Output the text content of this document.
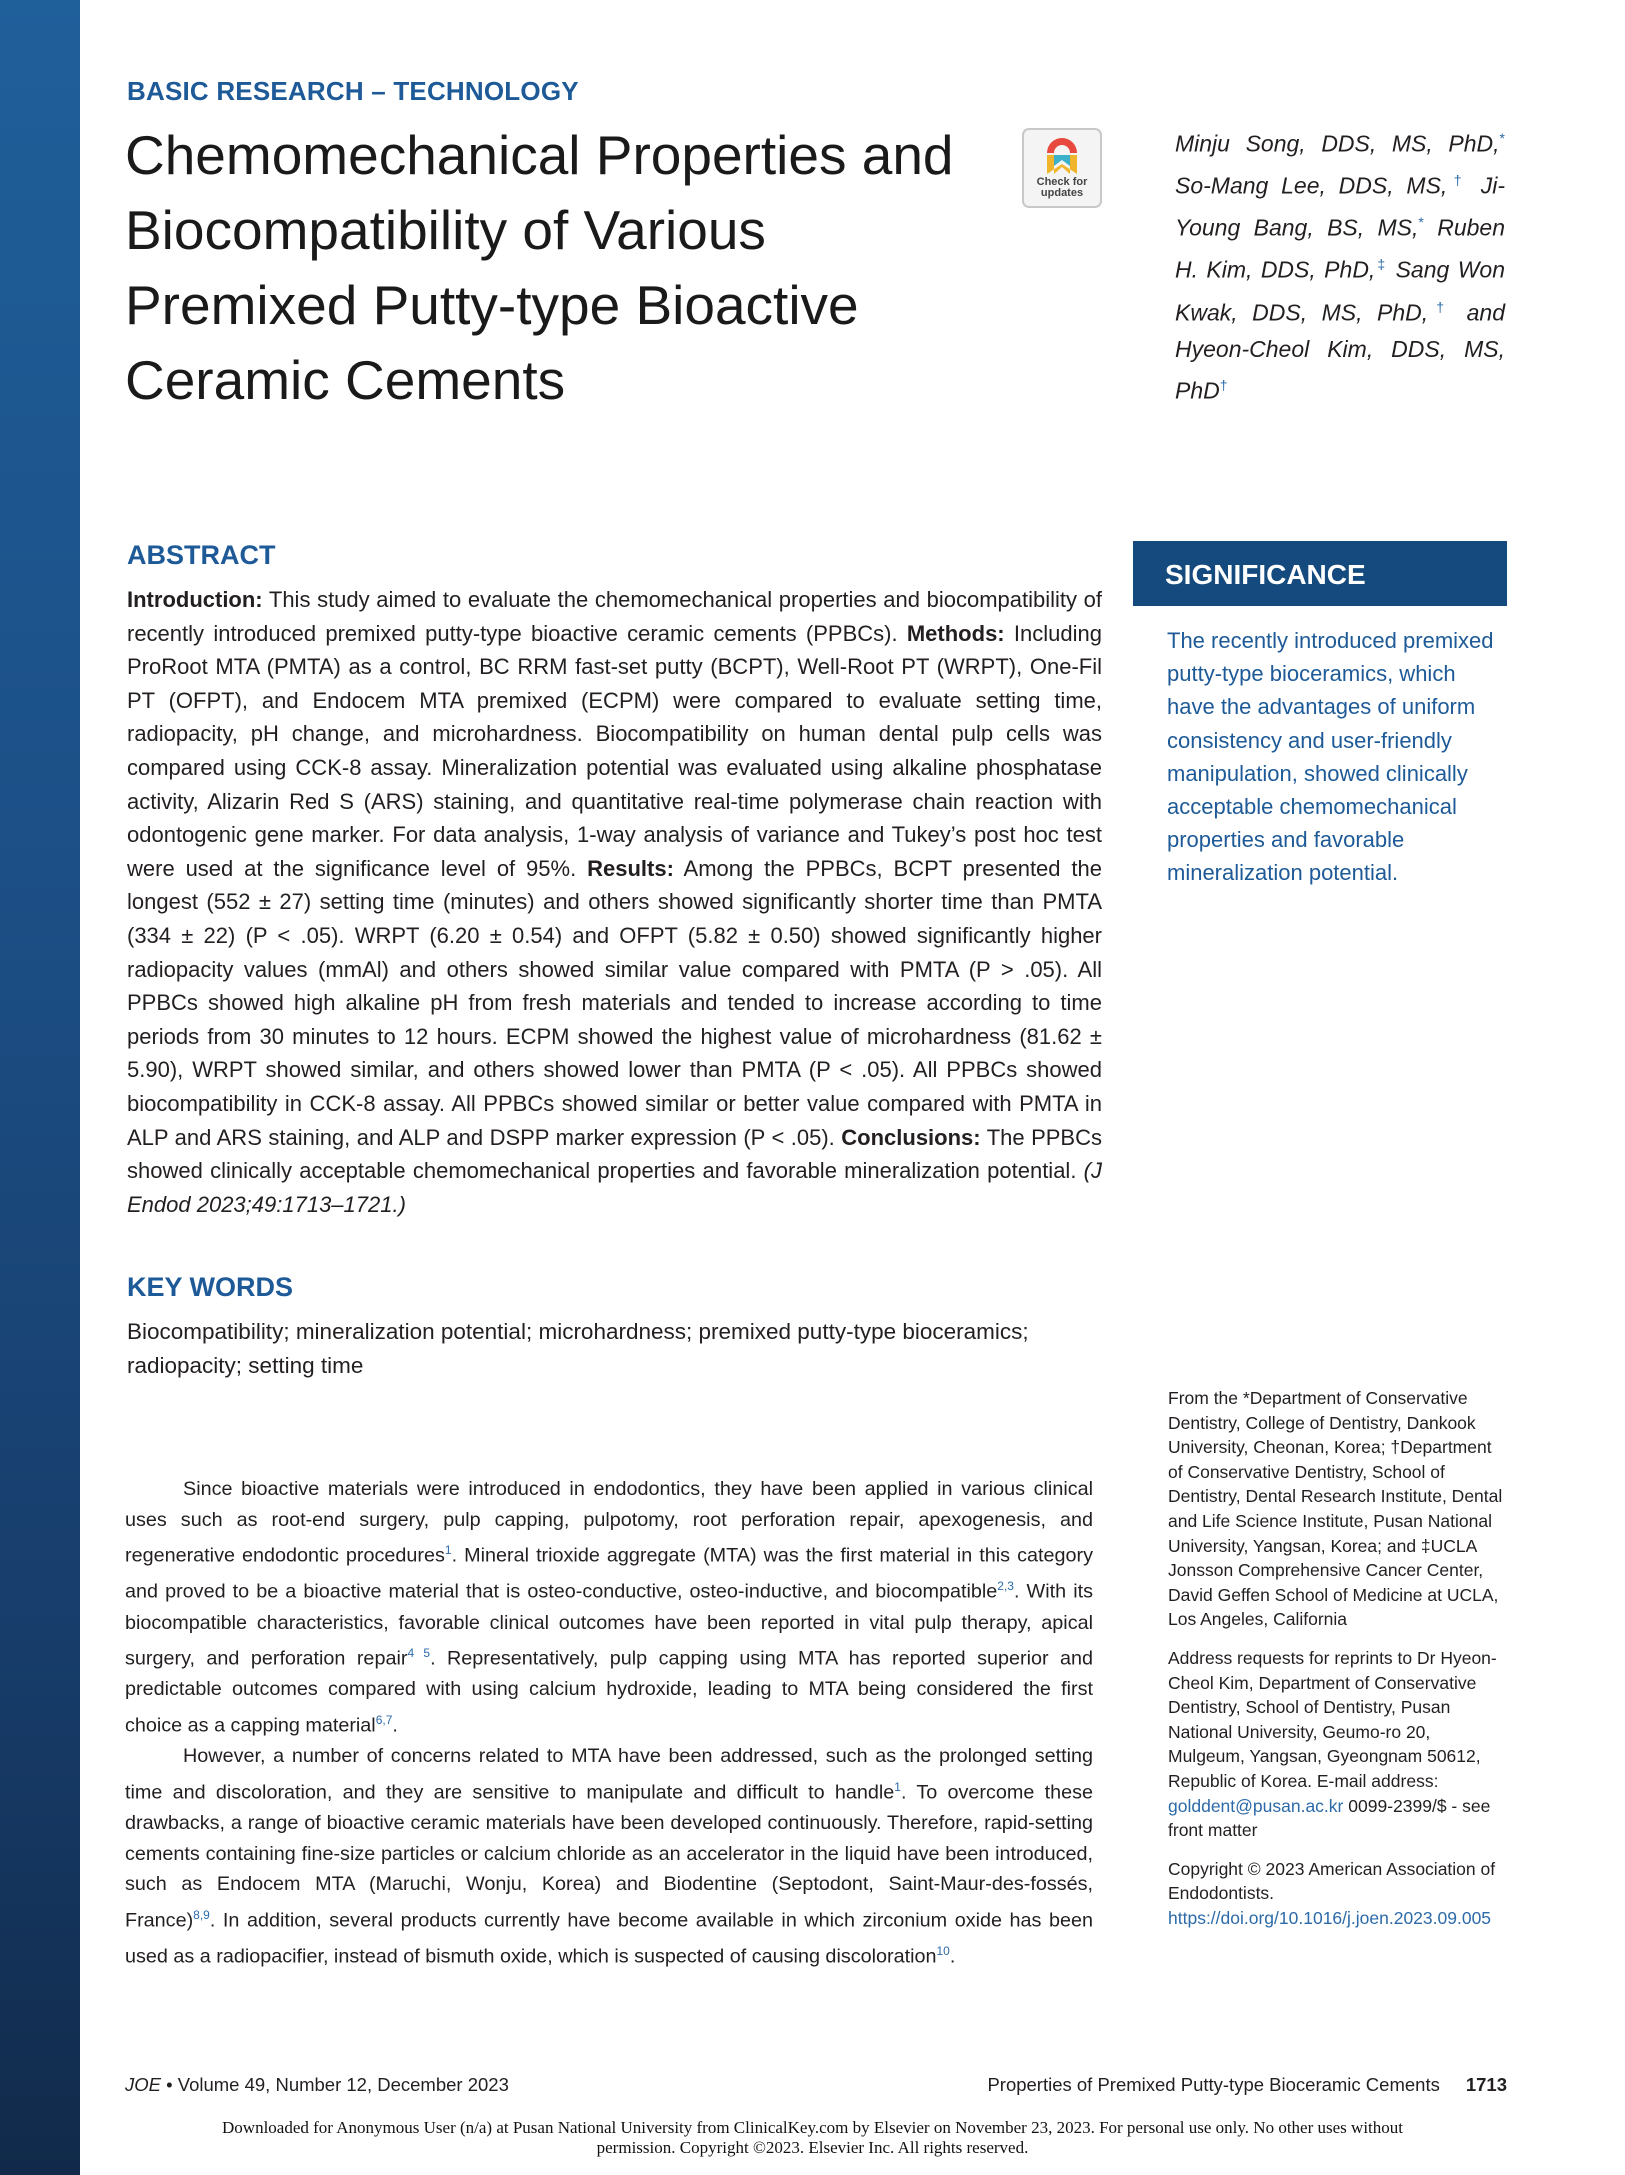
BASIC RESEARCH – TECHNOLOGY
Chemomechanical Properties and Biocompatibility of Various Premixed Putty-type Bioactive Ceramic Cements
Check for
updates
Minju Song, DDS, MS, PhD,* So-Mang Lee, DDS, MS,† Ji-Young Bang, BS, MS,* Ruben H. Kim, DDS, PhD,‡ Sang Won Kwak, DDS, MS, PhD,† and Hyeon-Cheol Kim, DDS, MS, PhD†
ABSTRACT

Introduction: This study aimed to evaluate the chemomechanical properties and biocompatibility of recently introduced premixed putty-type bioactive ceramic cements (PPBCs). Methods: Including ProRoot MTA (PMTA) as a control, BC RRM fast-set putty (BCPT), Well-Root PT (WRPT), One-Fil PT (OFPT), and Endocem MTA premixed (ECPM) were compared to evaluate setting time, radiopacity, pH change, and microhardness. Biocompatibility on human dental pulp cells was compared using CCK-8 assay. Mineralization potential was evaluated using alkaline phosphatase activity, Alizarin Red S (ARS) staining, and quantitative real-time polymerase chain reaction with odontogenic gene marker. For data analysis, 1-way analysis of variance and Tukey’s post hoc test were used at the significance level of 95%. Results: Among the PPBCs, BCPT presented the longest (552 ± 27) setting time (minutes) and others showed significantly shorter time than PMTA (334 ± 22) (P < .05). WRPT (6.20 ± 0.54) and OFPT (5.82 ± 0.50) showed significantly higher radiopacity values (mmAl) and others showed similar value compared with PMTA (P > .05). All PPBCs showed high alkaline pH from fresh materials and tended to increase according to time periods from 30 minutes to 12 hours. ECPM showed the highest value of microhardness (81.62 ± 5.90), WRPT showed similar, and others showed lower than PMTA (P < .05). All PPBCs showed biocompatibility in CCK-8 assay. All PPBCs showed similar or better value compared with PMTA in ALP and ARS staining, and ALP and DSPP marker expression (P < .05). Conclusions: The PPBCs showed clinically acceptable chemomechanical properties and favorable mineralization potential. (J Endod 2023;49:1713–1721.)

SIGNIFICANCE

The recently introduced premixed putty-type bioceramics, which have the advantages of uniform consistency and user-friendly manipulation, showed clinically acceptable chemomechanical properties and favorable mineralization potential.

KEY WORDS

Biocompatibility; mineralization potential; microhardness; premixed putty-type bioceramics; radiopacity; setting time

From the *Department of Conservative Dentistry, College of Dentistry, Dankook University, Cheonan, Korea; †Department of Conservative Dentistry, School of Dentistry, Dental Research Institute, Dental and Life Science Institute, Pusan National University, Yangsan, Korea; and ‡UCLA Jonsson Comprehensive Cancer Center, David Geffen School of Medicine at UCLA, Los Angeles, California

Address requests for reprints to Dr Hyeon-Cheol Kim, Department of Conservative Dentistry, School of Dentistry, Pusan National University, Geumo-ro 20, Mulgeum, Yangsan, Gyeongnam 50612, Republic of Korea. E-mail address: golddent@pusan.ac.kr 0099-2399/$ - see front matter

Copyright © 2023 American Association of Endodontists. https://doi.org/10.1016/j.joen.2023.09.005

Since bioactive materials were introduced in endodontics, they have been applied in various clinical uses such as root-end surgery, pulp capping, pulpotomy, root perforation repair, apexogenesis, and regenerative endodontic procedures$^1$. Mineral trioxide aggregate (MTA) was the first material in this category and proved to be a bioactive material that is osteo-conductive, osteo-inductive, and biocompatible$^{2,3}$. With its biocompatible characteristics, favorable clinical outcomes have been reported in vital pulp therapy, apical surgery, and perforation repair$^{4 5}$. Representatively, pulp capping using MTA has reported superior and predictable outcomes compared with using calcium hydroxide, leading to MTA being considered the first choice as a capping material$^{6,7}$.

However, a number of concerns related to MTA have been addressed, such as the prolonged setting time and discoloration, and they are sensitive to manipulate and difficult to handle$^1$. To overcome these drawbacks, a range of bioactive ceramic materials have been developed continuously. Therefore, rapid-setting cements containing fine-size particles or calcium chloride as an accelerator in the liquid have been introduced, such as Endocem MTA (Maruchi, Wonju, Korea) and Biodentine (Septodont, Saint-Maur-des-fossés, France)$^{8,9}$. In addition, several products currently have become available in which zirconium oxide has been used as a radiopacifier, instead of bismuth oxide, which is suspected of causing discoloration$^{10}$.

JOE • Volume 49, Number 12, December 2023	Properties of Premixed Putty-type Bioceramic Cements 1713
Downloaded for Anonymous User (n/a) at Pusan National University from ClinicalKey.com by Elsevier on November 23, 2023. For personal use only. No other uses without permission. Copyright ©2023. Elsevier Inc. All rights reserved.
